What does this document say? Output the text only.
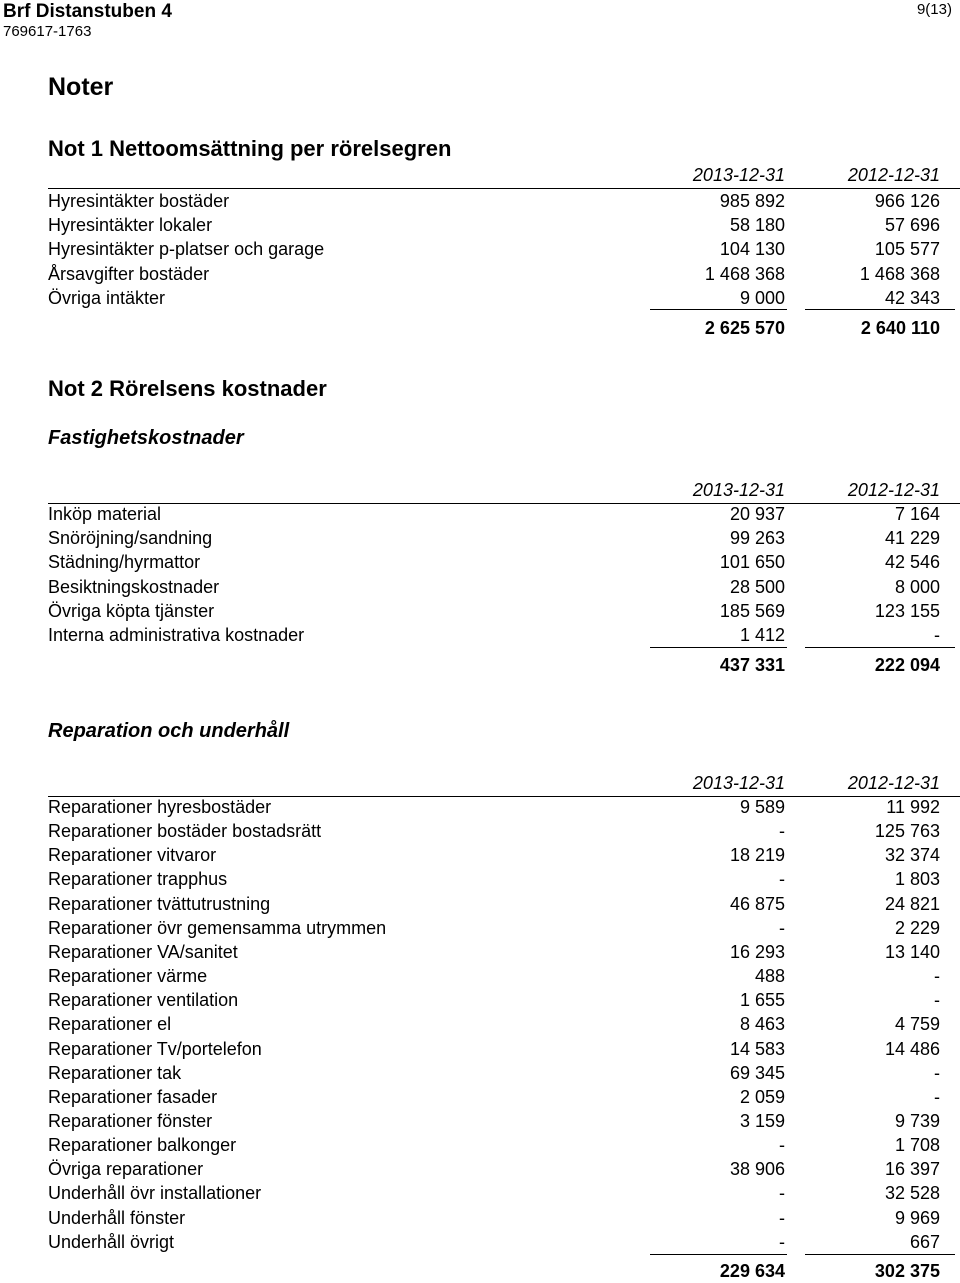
Brf Distanstuben 4
769617-1763
9(13)
Noter
Not 1 Nettoomsättning per rörelsegren
2013-12-31	2012-12-31
Hyresintäkter bostäder	985 892	966 126
Hyresintäkter lokaler	58 180	57 696
Hyresintäkter p-platser och garage	104 130	105 577
Årsavgifter bostäder	1 468 368	1 468 368
Övriga intäkter	9 000	42 343
2 625 570	2 640 110
Not 2 Rörelsens kostnader
Fastighetskostnader
2013-12-31	2012-12-31
Inköp material	20 937	7 164
Snöröjning/sandning	99 263	41 229
Städning/hyrmattor	101 650	42 546
Besiktningskostnader	28 500	8 000
Övriga köpta tjänster	185 569	123 155
Interna administrativa kostnader	1 412	-
437 331	222 094
Reparation och underhåll
2013-12-31	2012-12-31
Reparationer hyresbostäder	9 589	11 992
Reparationer bostäder bostadsrätt	-	125 763
Reparationer vitvaror	18 219	32 374
Reparationer trapphus	-	1 803
Reparationer tvättutrustning	46 875	24 821
Reparationer övr gemensamma utrymmen	-	2 229
Reparationer VA/sanitet	16 293	13 140
Reparationer värme	488	-
Reparationer ventilation	1 655	-
Reparationer el	8 463	4 759
Reparationer Tv/portelefon	14 583	14 486
Reparationer tak	69 345	-
Reparationer fasader	2 059	-
Reparationer fönster	3 159	9 739
Reparationer balkonger	-	1 708
Övriga reparationer	38 906	16 397
Underhåll övr installationer	-	32 528
Underhåll fönster	-	9 969
Underhåll övrigt	-	667
229 634	302 375
